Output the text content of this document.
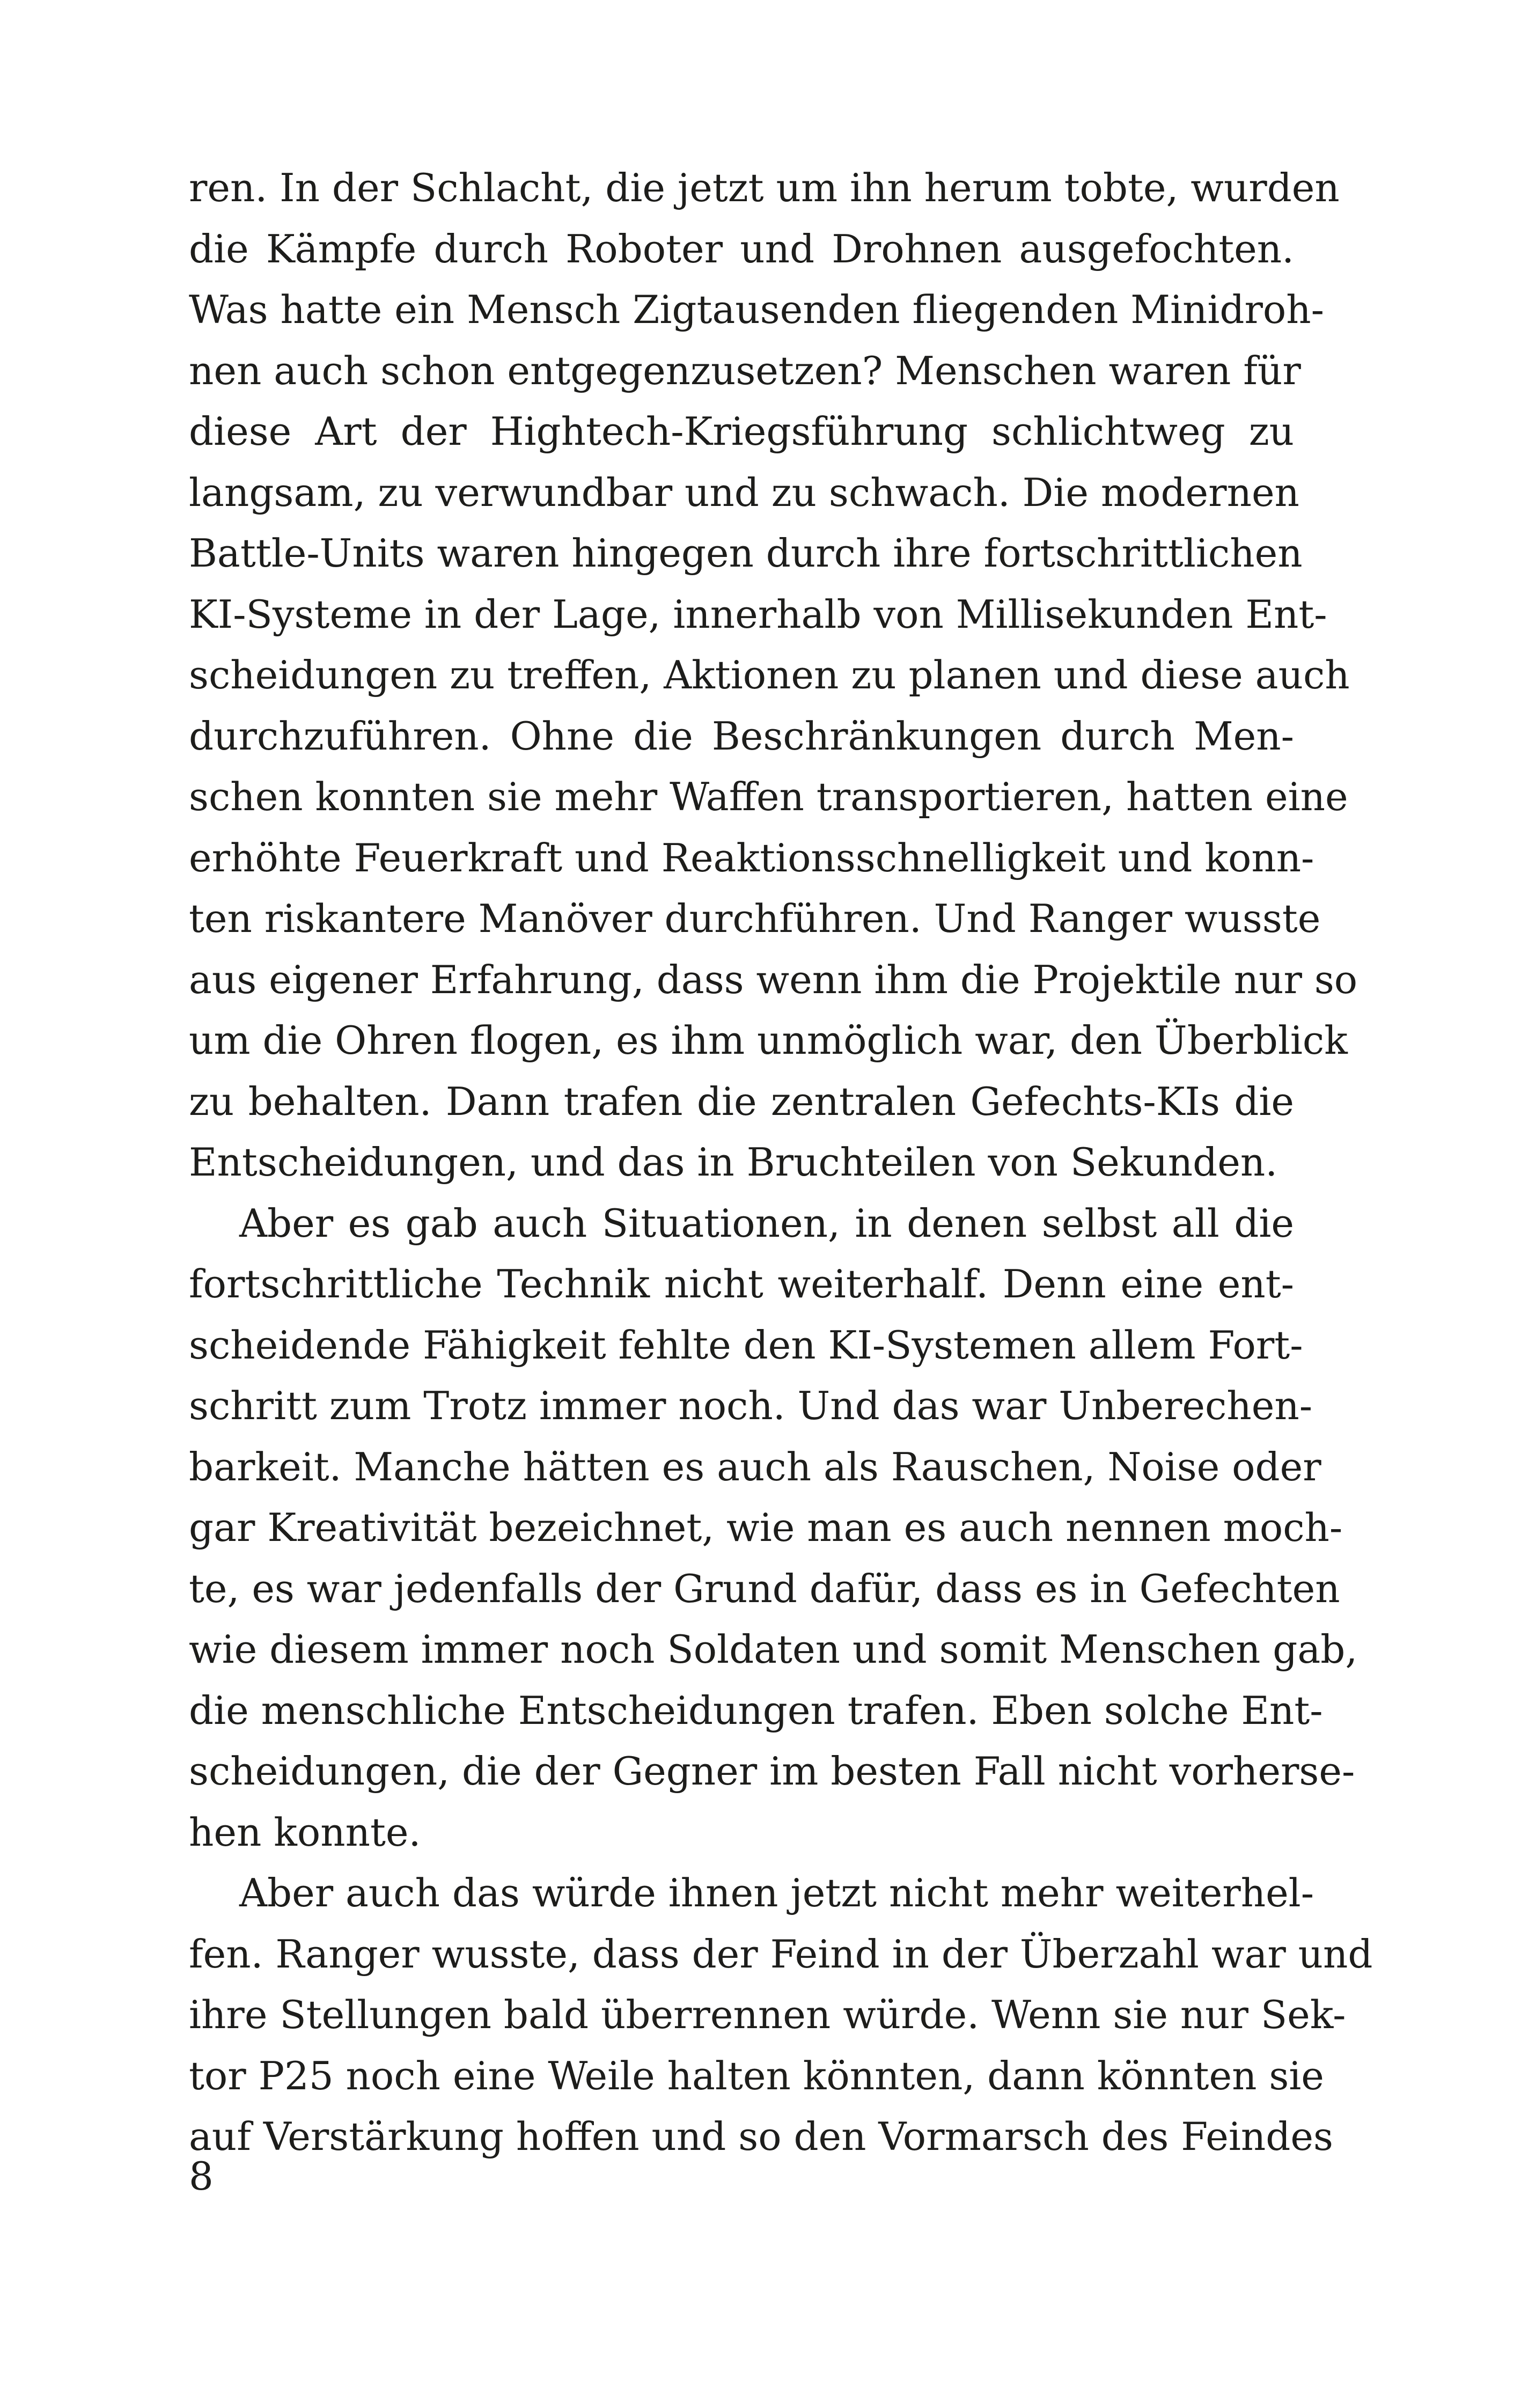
ren. In der Schlacht, die jetzt um ihn herum tobte, wurden
die Kämpfe durch Roboter und Drohnen ausgefochten.
Was hatte ein Mensch Zigtausenden fliegenden Minidroh-
nen auch schon entgegenzusetzen? Menschen waren für
diese Art der Hightech-Kriegsführung schlichtweg zu
langsam, zu verwundbar und zu schwach. Die modernen
Battle-Units waren hingegen durch ihre fortschrittlichen
KI-Systeme in der Lage, innerhalb von Millisekunden Ent-
scheidungen zu treffen, Aktionen zu planen und diese auch
durchzuführen. Ohne die Beschränkungen durch Men-
schen konnten sie mehr Waffen transportieren, hatten eine
erhöhte Feuerkraft und Reaktionsschnelligkeit und konn-
ten riskantere Manöver durchführen. Und Ranger wusste
aus eigener Erfahrung, dass wenn ihm die Projektile nur so
um die Ohren flogen, es ihm unmöglich war, den Überblick
zu behalten. Dann trafen die zentralen Gefechts-KIs die
Entscheidungen, und das in Bruchteilen von Sekunden.
Aber es gab auch Situationen, in denen selbst all die
fortschrittliche Technik nicht weiterhalf. Denn eine ent-
scheidende Fähigkeit fehlte den KI-Systemen allem Fort-
schritt zum Trotz immer noch. Und das war Unberechen-
barkeit. Manche hätten es auch als Rauschen, Noise oder
gar Kreativität bezeichnet, wie man es auch nennen moch-
te, es war jedenfalls der Grund dafür, dass es in Gefechten
wie diesem immer noch Soldaten und somit Menschen gab,
die menschliche Entscheidungen trafen. Eben solche Ent-
scheidungen, die der Gegner im besten Fall nicht vorherse-
hen konnte.
Aber auch das würde ihnen jetzt nicht mehr weiterhel-
fen. Ranger wusste, dass der Feind in der Überzahl war und
ihre Stellungen bald überrennen würde. Wenn sie nur Sek-
tor P25 noch eine Weile halten könnten, dann könnten sie
auf Verstärkung hoffen und so den Vormarsch des Feindes
8
